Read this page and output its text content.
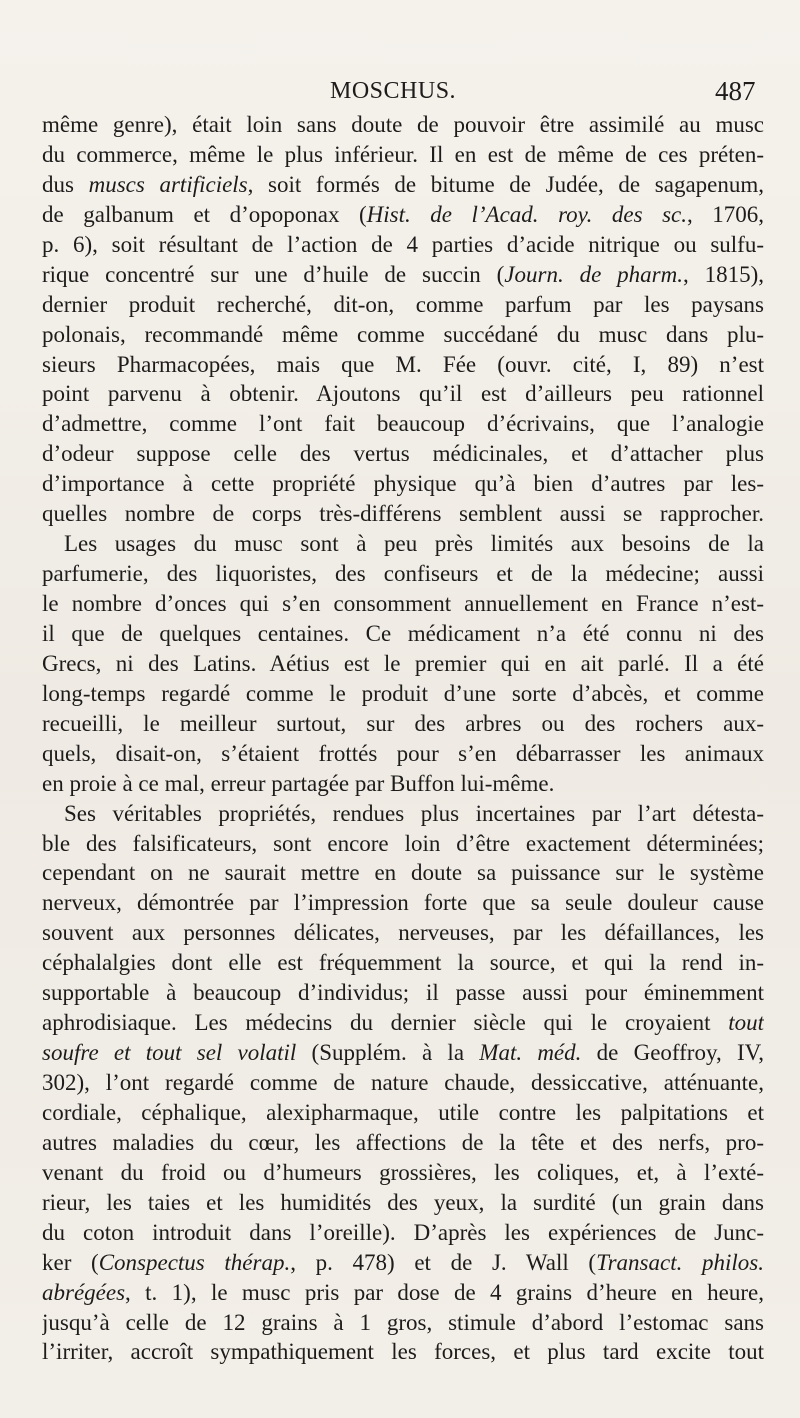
MOSCHUS.	487
même genre), était loin sans doute de pouvoir être assimilé au musc
du commerce, même le plus inférieur. Il en est de même de ces préten-
dus muscs artificiels, soit formés de bitume de Judée, de sagapenum,
de galbanum et d’opoponax (Hist. de l’Acad. roy. des sc., 1706,
p. 6), soit résultant de l’action de 4 parties d’acide nitrique ou sulfu-
rique concentré sur une d’huile de succin (Journ. de pharm., 1815),
dernier produit recherché, dit-on, comme parfum par les paysans
polonais, recommandé même comme succédané du musc dans plu-
sieurs Pharmacopées, mais que M. Fée (ouvr. cité, I, 89) n’est
point parvenu à obtenir. Ajoutons qu’il est d’ailleurs peu rationnel
d’admettre, comme l’ont fait beaucoup d’écrivains, que l’analogie
d’odeur suppose celle des vertus médicinales, et d’attacher plus
d’importance à cette propriété physique qu’à bien d’autres par les-
quelles nombre de corps très-différens semblent aussi se rapprocher.
Les usages du musc sont à peu près limités aux besoins de la
parfumerie, des liquoristes, des confiseurs et de la médecine; aussi
le nombre d’onces qui s’en consomment annuellement en France n’est-
il que de quelques centaines. Ce médicament n’a été connu ni des
Grecs, ni des Latins. Aétius est le premier qui en ait parlé. Il a été
long-temps regardé comme le produit d’une sorte d’abcès, et comme
recueilli, le meilleur surtout, sur des arbres ou des rochers aux-
quels, disait-on, s’étaient frottés pour s’en débarrasser les animaux
en proie à ce mal, erreur partagée par Buffon lui-même.
Ses véritables propriétés, rendues plus incertaines par l’art détesta-
ble des falsificateurs, sont encore loin d’être exactement déterminées;
cependant on ne saurait mettre en doute sa puissance sur le système
nerveux, démontrée par l’impression forte que sa seule douleur cause
souvent aux personnes délicates, nerveuses, par les défaillances, les
céphalalgies dont elle est fréquemment la source, et qui la rend in-
supportable à beaucoup d’individus; il passe aussi pour éminemment
aphrodisiaque. Les médecins du dernier siècle qui le croyaient tout
soufre et tout sel volatil (Supplém. à la Mat. méd. de Geoffroy, IV,
302), l’ont regardé comme de nature chaude, dessiccative, atténuante,
cordiale, céphalique, alexipharmaque, utile contre les palpitations et
autres maladies du cœur, les affections de la tête et des nerfs, pro-
venant du froid ou d’humeurs grossières, les coliques, et, à l’exté-
rieur, les taies et les humidités des yeux, la surdité (un grain dans
du coton introduit dans l’oreille). D’après les expériences de Junc-
ker (Conspectus thérap., p. 478) et de J. Wall (Transact. philos.
abrégées, t. 1), le musc pris par dose de 4 grains d’heure en heure,
jusqu’à celle de 12 grains à 1 gros, stimule d’abord l’estomac sans
l’irriter, accroît sympathiquement les forces, et plus tard excite tout
